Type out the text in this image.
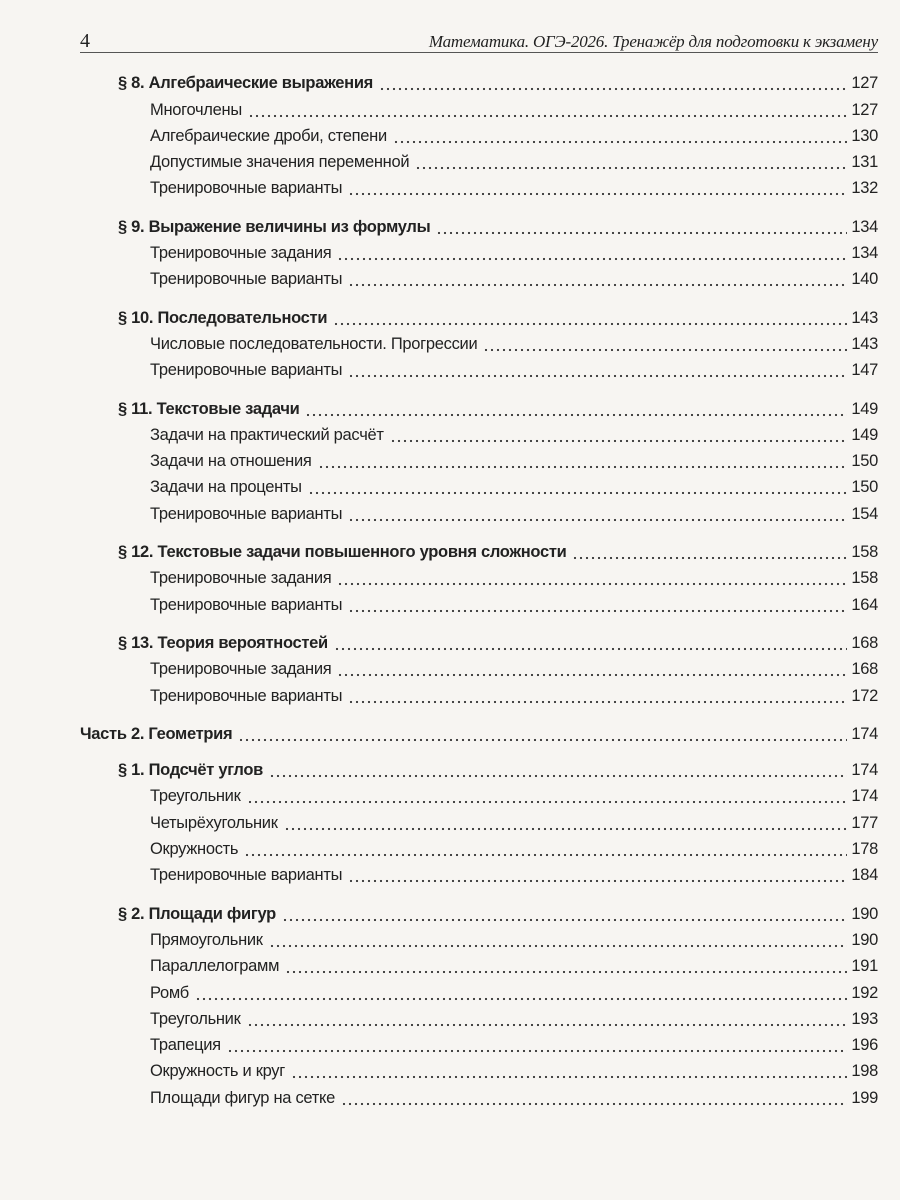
4	Математика. ОГЭ-2026. Тренажёр для подготовки к экзамену
§ 8. Алгебраические выражения	127
Многочлены	127
Алгебраические дроби, степени	130
Допустимые значения переменной	131
Тренировочные варианты	132
§ 9. Выражение величины из формулы	134
Тренировочные задания	134
Тренировочные варианты	140
§ 10. Последовательности	143
Числовые последовательности. Прогрессии	143
Тренировочные варианты	147
§ 11. Текстовые задачи	149
Задачи на практический расчёт	149
Задачи на отношения	150
Задачи на проценты	150
Тренировочные варианты	154
§ 12. Текстовые задачи повышенного уровня сложности	158
Тренировочные задания	158
Тренировочные варианты	164
§ 13. Теория вероятностей	168
Тренировочные задания	168
Тренировочные варианты	172
Часть 2. Геометрия	174
§ 1. Подсчёт углов	174
Треугольник	174
Четырёхугольник	177
Окружность	178
Тренировочные варианты	184
§ 2. Площади фигур	190
Прямоугольник	190
Параллелограмм	191
Ромб	192
Треугольник	193
Трапеция	196
Окружность и круг	198
Площади фигур на сетке	199
